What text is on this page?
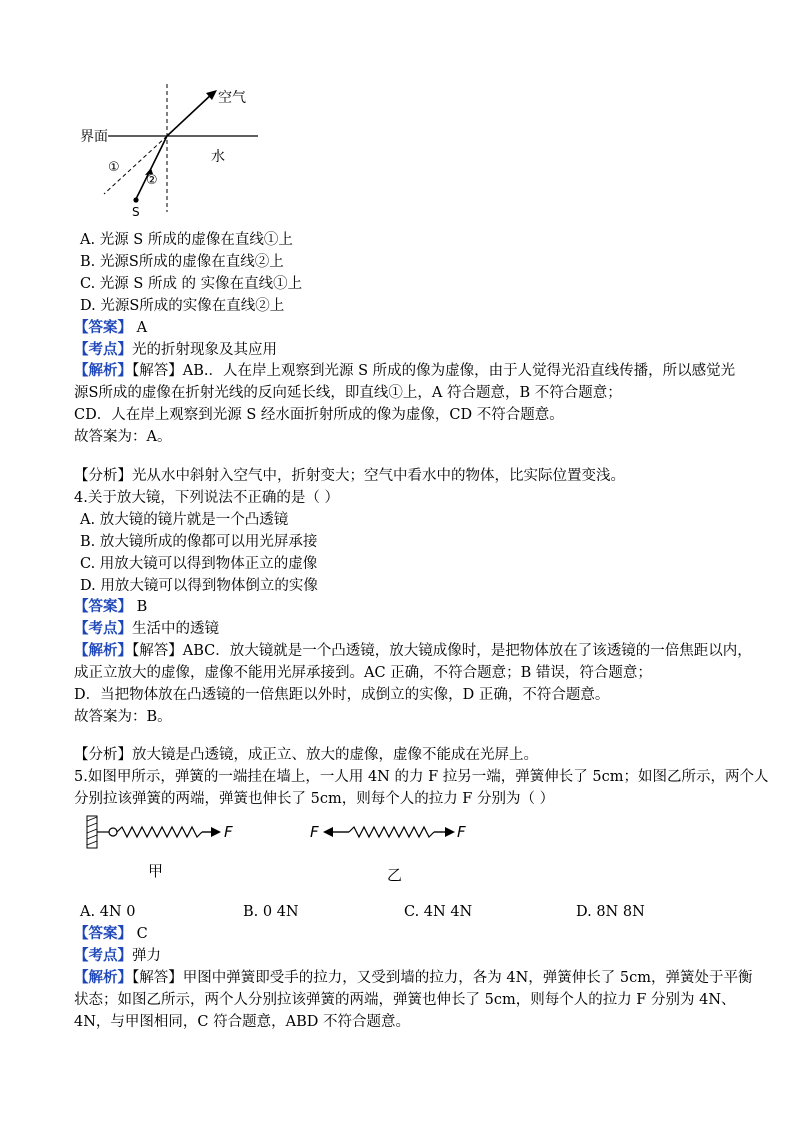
空气
界面
水
①
②
S
A. 光源 S 所成的虚像在直线①上
B. 光源S所成的虚像在直线②上
C. 光源 S 所成 的 实像在直线①上
D. 光源S所成的实像在直线②上
【答案】 A
【考点】光的折射现象及其应用
【解析】【解答】AB.．人在岸上观察到光源 S 所成的像为虚像，由于人觉得光沿直线传播，所以感觉光
源S所成的虚像在折射光线的反向延长线，即直线①上，A 符合题意，B 不符合题意；
CD．人在岸上观察到光源 S 经水面折射所成的像为虚像，CD 不符合题意。
故答案为：A。
【分析】光从水中斜射入空气中，折射变大；空气中看水中的物体，比实际位置变浅。
4.关于放大镜，下列说法不正确的是（ ）
A. 放大镜的镜片就是一个凸透镜
B. 放大镜所成的像都可以用光屏承接
C. 用放大镜可以得到物体正立的虚像
D. 用放大镜可以得到物体倒立的实像
【答案】 B
【考点】生活中的透镜
【解析】【解答】ABC．放大镜就是一个凸透镜，放大镜成像时，是把物体放在了该透镜的一倍焦距以内，
成正立放大的虚像，虚像不能用光屏承接到。AC 正确，不符合题意；B 错误，符合题意；
D．当把物体放在凸透镜的一倍焦距以外时，成倒立的实像，D 正确，不符合题意。
故答案为：B。
【分析】放大镜是凸透镜，成正立、放大的虚像，虚像不能成在光屏上。
5.如图甲所示，弹簧的一端挂在墙上，一人用 4N 的力 F 拉另一端，弹簧伸长了 5cm；如图乙所示，两个人
分别拉该弹簧的两端，弹簧也伸长了 5cm，则每个人的拉力 F 分别为（ ）
F
甲
F	F
乙
A. 4N 0	B. 0 4N	C. 4N 4N	D. 8N 8N
【答案】 C
【考点】弹力
【解析】【解答】甲图中弹簧即受手的拉力，又受到墙的拉力，各为 4N，弹簧伸长了 5cm，弹簧处于平衡
状态；如图乙所示，两个人分别拉该弹簧的两端，弹簧也伸长了 5cm，则每个人的拉力 F 分别为 4N、
4N，与甲图相同，C 符合题意，ABD 不符合题意。
